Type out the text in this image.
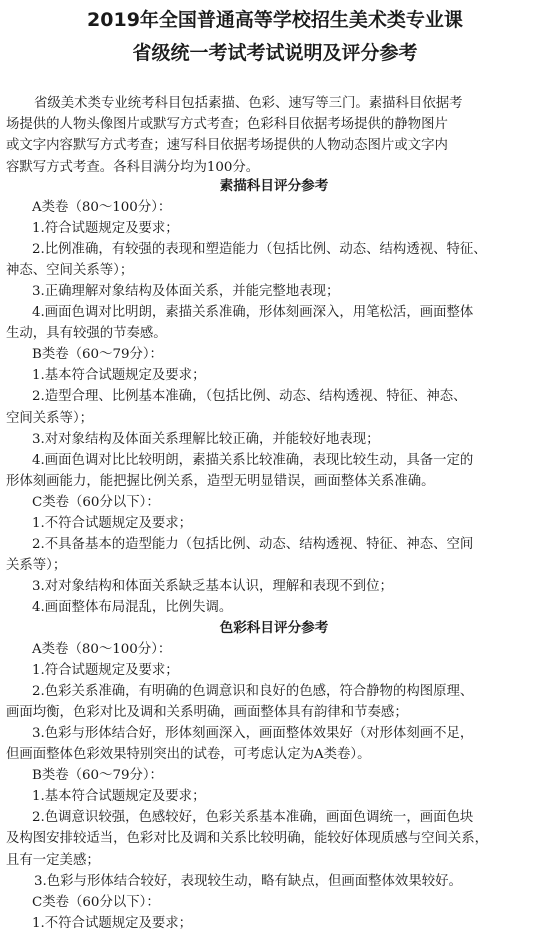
2019年全国普通高等学校招生美术类专业课
省级统一考试考试说明及评分参考
省级美术类专业统考科目包括素描、色彩、速写等三门。素描科目依据考
场提供的人物头像图片或默写方式考查；色彩科目依据考场提供的静物图片
或文字内容默写方式考查；速写科目依据考场提供的人物动态图片或文字内
容默写方式考查。各科目满分均为100分。
素描科目评分参考
A类卷（80～100分）：
1.符合试题规定及要求；
2.比例准确，有较强的表现和塑造能力（包括比例、动态、结构透视、特征、
神态、空间关系等）；
3.正确理解对象结构及体面关系，并能完整地表现；
4.画面色调对比明朗，素描关系准确，形体刻画深入，用笔松活，画面整体
生动，具有较强的节奏感。
B类卷（60～79分）：
1.基本符合试题规定及要求；
2.造型合理、比例基本准确，（包括比例、动态、结构透视、特征、神态、
空间关系等）；
3.对对象结构及体面关系理解比较正确，并能较好地表现；
4.画面色调对比比较明朗，素描关系比较准确，表现比较生动，具备一定的
形体刻画能力，能把握比例关系，造型无明显错误，画面整体关系准确。
C类卷（60分以下）：
1.不符合试题规定及要求；
2.不具备基本的造型能力（包括比例、动态、结构透视、特征、神态、空间
关系等）；
3.对对象结构和体面关系缺乏基本认识，理解和表现不到位；
4.画面整体布局混乱，比例失调。
色彩科目评分参考
A类卷（80～100分）：
1.符合试题规定及要求；
2.色彩关系准确，有明确的色调意识和良好的色感，符合静物的构图原理、
画面均衡，色彩对比及调和关系明确，画面整体具有韵律和节奏感；
3.色彩与形体结合好，形体刻画深入，画面整体效果好（对形体刻画不足，
但画面整体色彩效果特别突出的试卷，可考虑认定为A类卷）。
B类卷（60～79分）：
1.基本符合试题规定及要求；
2.色调意识较强，色感较好，色彩关系基本准确，画面色调统一，画面色块
及构图安排较适当，色彩对比及调和关系比较明确，能较好体现质感与空间关系，
且有一定美感；
3.色彩与形体结合较好，表现较生动，略有缺点，但画面整体效果较好。
C类卷（60分以下）：
1.不符合试题规定及要求；
